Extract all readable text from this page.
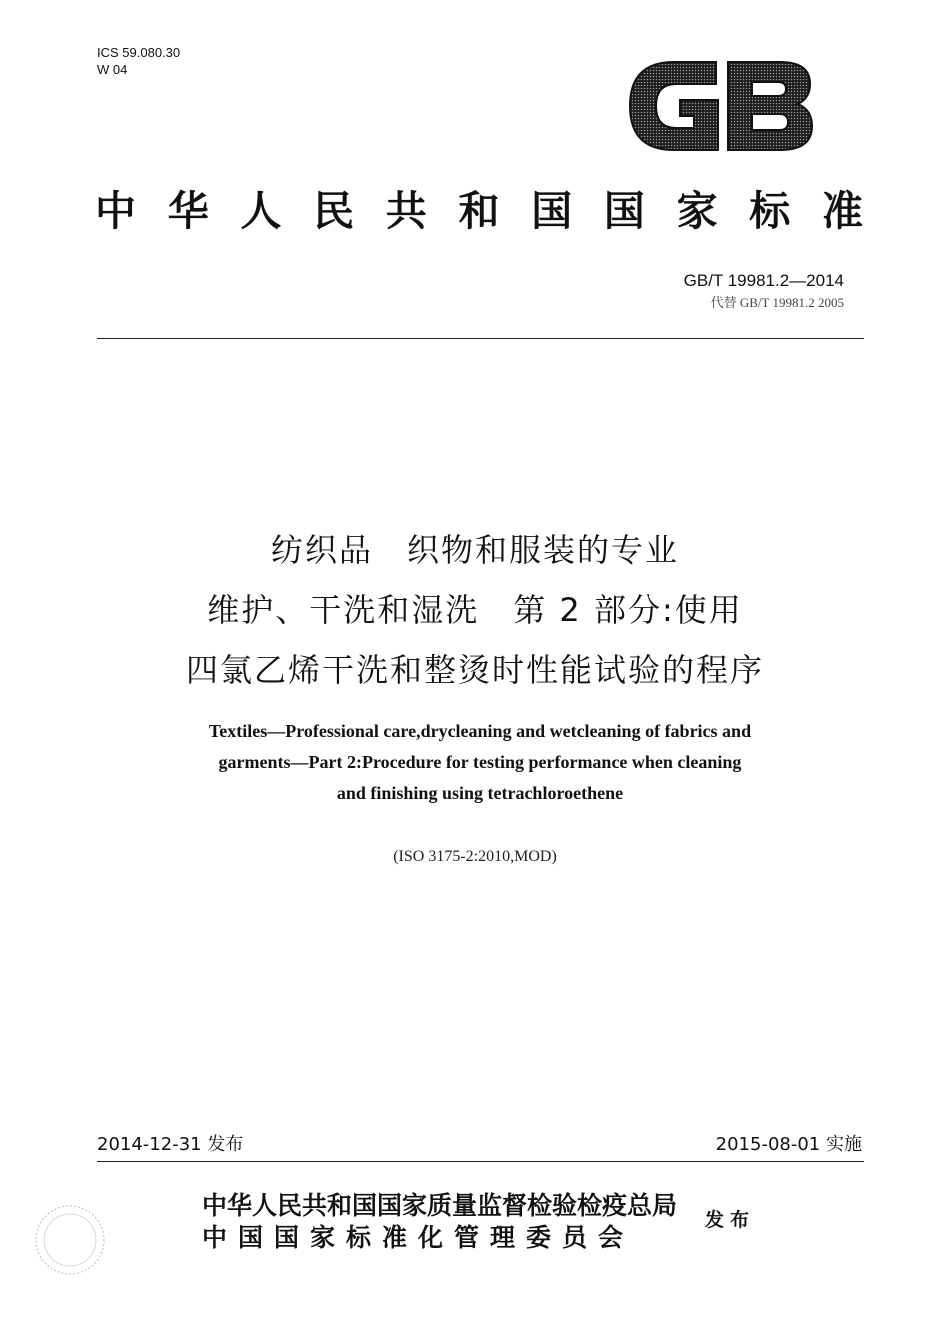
ICS 59.080.30
W 04
中华人民共和国国家标准
GB/T 19981.2—2014
代替 GB/T 19981.2 2005
纺织品　织物和服装的专业
维护、干洗和湿洗　第 2 部分:使用
四氯乙烯干洗和整烫时性能试验的程序
Textiles—Professional care,drycleaning and wetcleaning of fabrics and
garments—Part 2:Procedure for testing performance when cleaning
and finishing using tetrachloroethene
(ISO 3175-2:2010,MOD)
2014-12-31 发布	2015-08-01 实施
中华人民共和国国家质量监督检验检疫总局
中国国家标准化管理委员会
发布
